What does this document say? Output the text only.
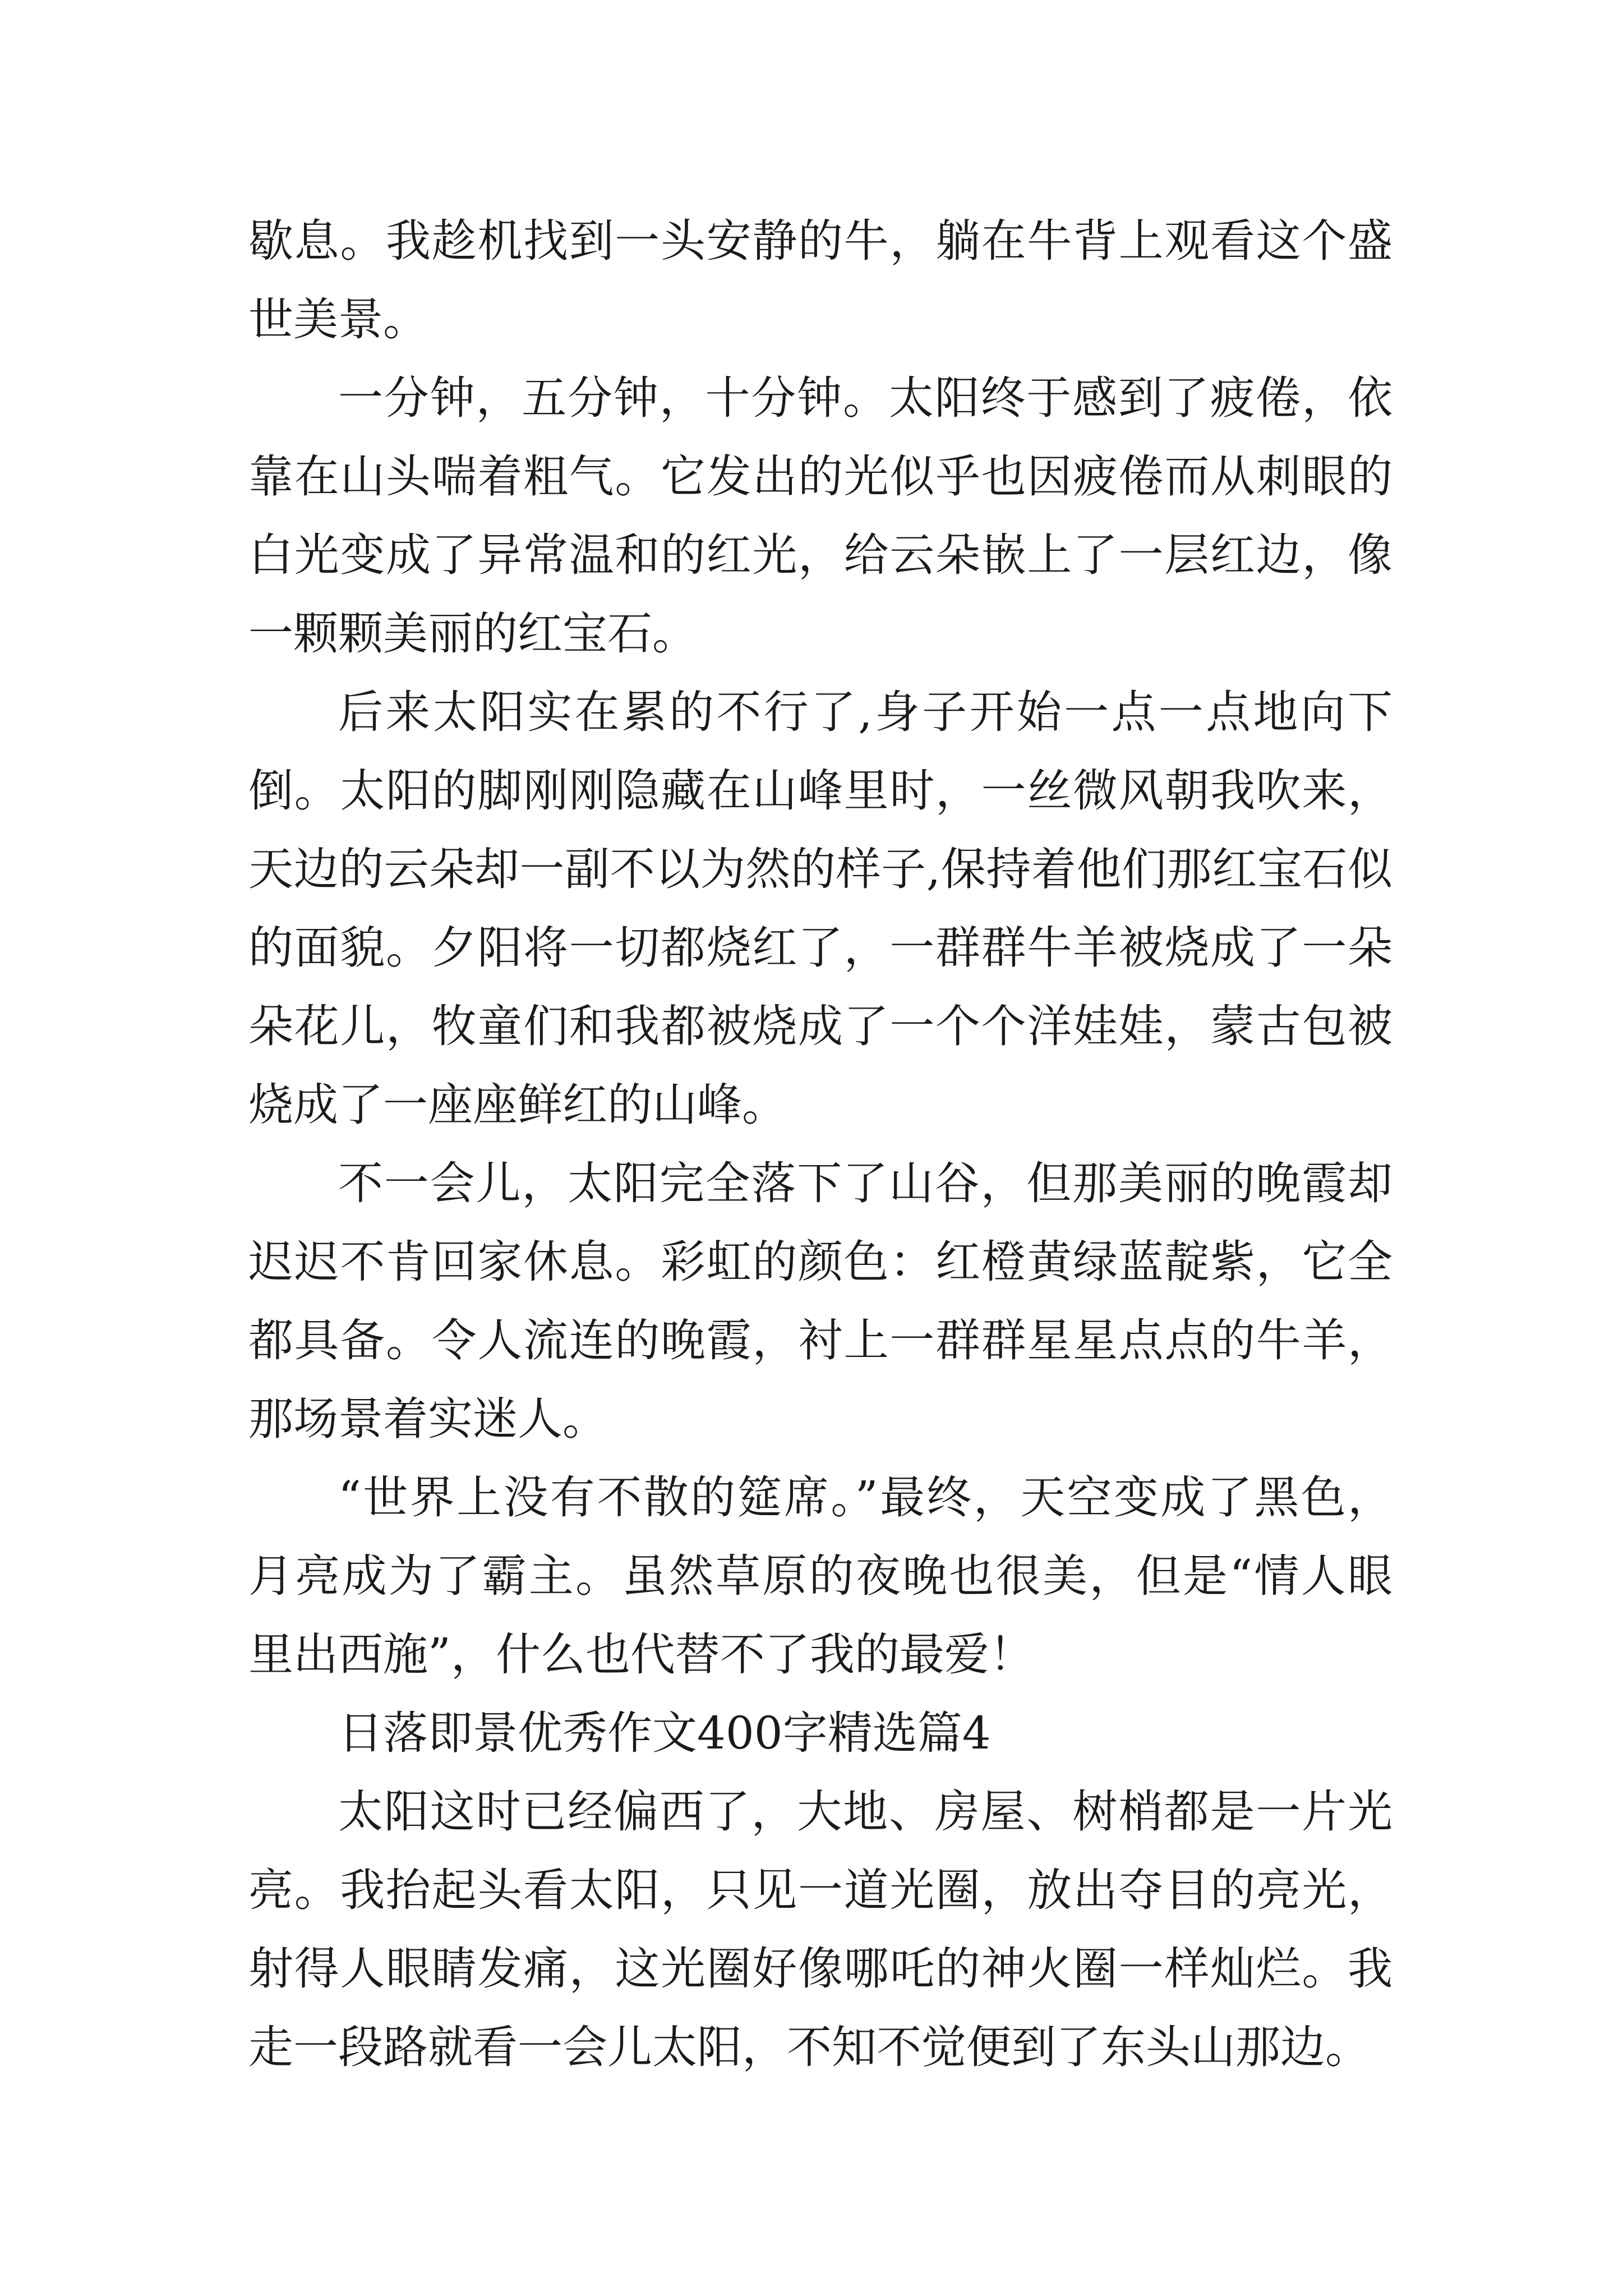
歇息。我趁机找到一头安静的牛，躺在牛背上观看这个盛世美景。

一分钟，五分钟，十分钟。太阳终于感到了疲倦，依靠在山头喘着粗气。它发出的光似乎也因疲倦而从刺眼的白光变成了异常温和的红光，给云朵嵌上了一层红边，像一颗颗美丽的红宝石。

后来太阳实在累的不行了,身子开始一点一点地向下倒。太阳的脚刚刚隐藏在山峰里时，一丝微风朝我吹来，天边的云朵却一副不以为然的样子,保持着他们那红宝石似的面貌。夕阳将一切都烧红了，一群群牛羊被烧成了一朵朵花儿，牧童们和我都被烧成了一个个洋娃娃，蒙古包被烧成了一座座鲜红的山峰。

不一会儿，太阳完全落下了山谷，但那美丽的晚霞却迟迟不肯回家休息。彩虹的颜色：红橙黄绿蓝靛紫，它全都具备。令人流连的晚霞，衬上一群群星星点点的牛羊，那场景着实迷人。

“世界上没有不散的筵席。”最终，天空变成了黑色，月亮成为了霸主。虽然草原的夜晚也很美，但是“情人眼里出西施”，什么也代替不了我的最爱！

日落即景优秀作文400字精选篇4

太阳这时已经偏西了，大地、房屋、树梢都是一片光亮。我抬起头看太阳，只见一道光圈，放出夺目的亮光，射得人眼睛发痛，这光圈好像哪吒的神火圈一样灿烂。我走一段路就看一会儿太阳，不知不觉便到了东头山那边。
